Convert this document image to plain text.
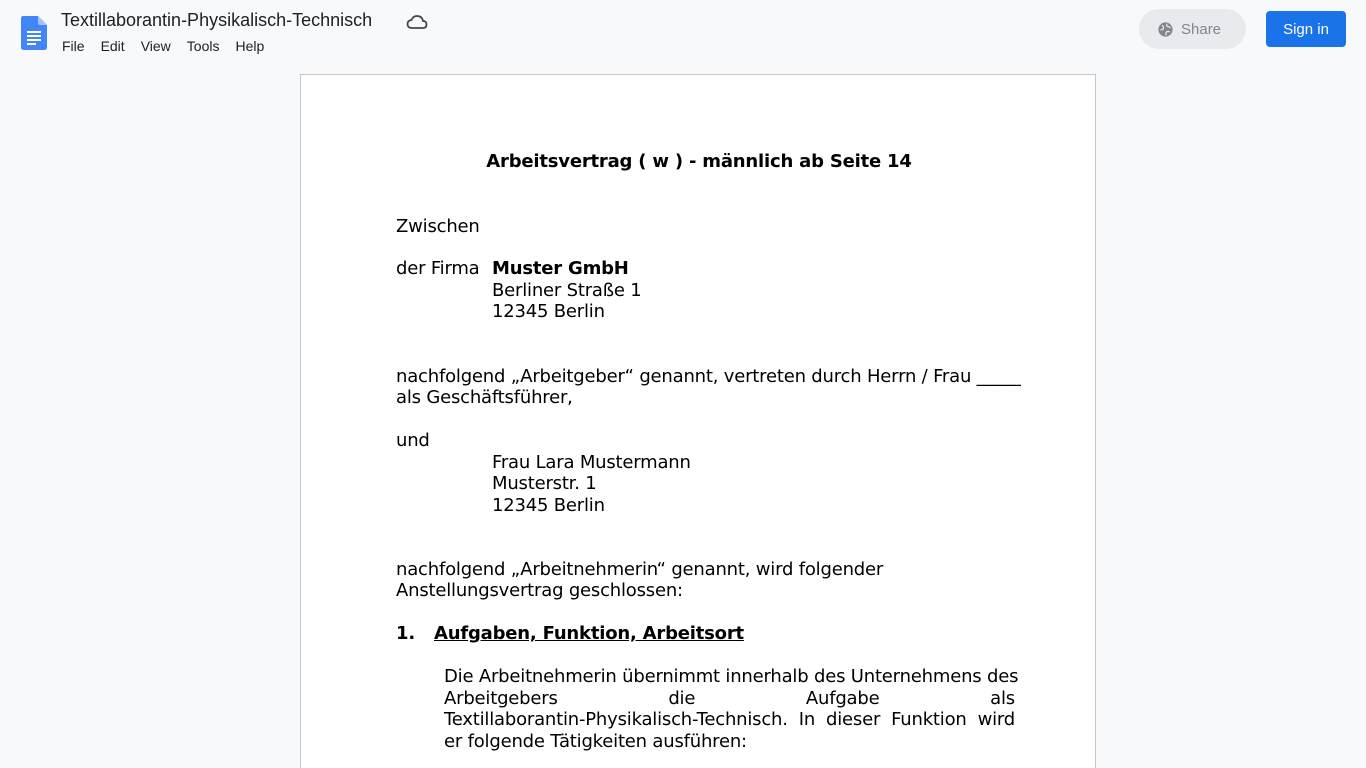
Textillaborantin-Physikalisch-Technisch
File	Edit	View	Tools	Help
Share	Sign in
Arbeitsvertrag ( w ) - männlich ab Seite 14
Zwischen
der Firma Muster GmbH
Berliner Straße 1
12345 Berlin
nachfolgend „Arbeitgeber“ genannt, vertreten durch Herrn / Frau _____
als Geschäftsführer,
und
Frau Lara Mustermann
Musterstr. 1
12345 Berlin
nachfolgend „Arbeitnehmerin“ genannt, wird folgender
Anstellungsvertrag geschlossen:
1. Aufgaben, Funktion, Arbeitsort
Die Arbeitnehmerin übernimmt innerhalb des Unternehmens des
Arbeitgebers	die	Aufgabe	als
Textillaborantin-Physikalisch-Technisch. In dieser Funktion wird
er folgende Tätigkeiten ausführen:
